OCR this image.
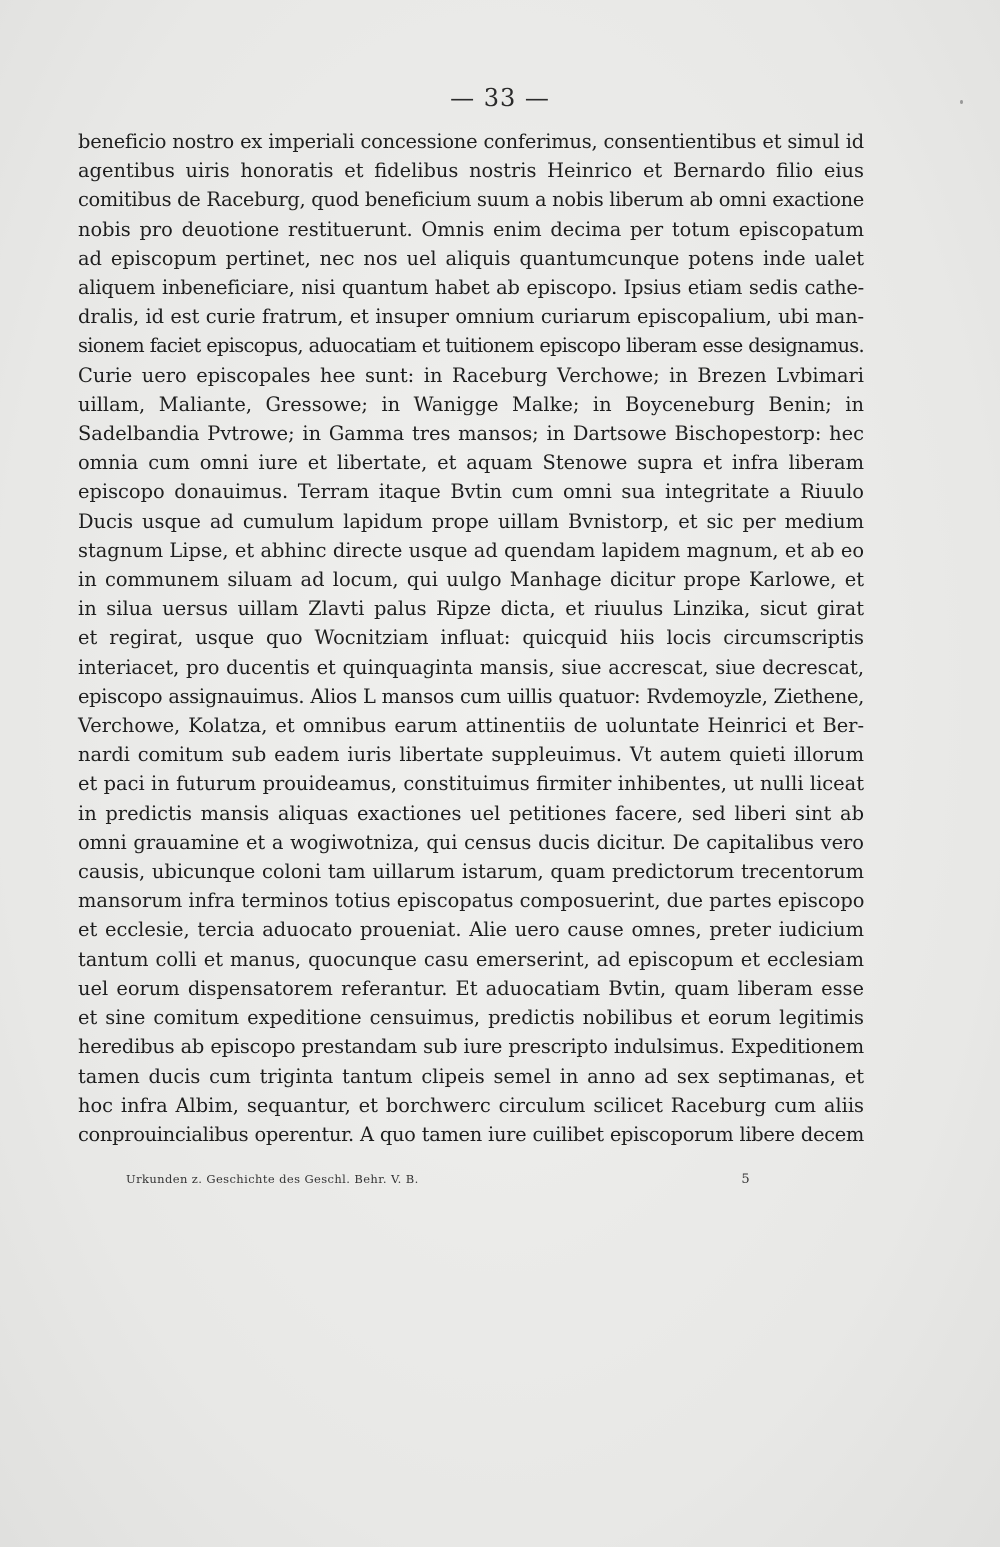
— 33 —
beneficio nostro ex imperiali concessione conferimus, consentientibus et simul id
agentibus uiris honoratis et fidelibus nostris Heinrico et Bernardo filio eius
comitibus de Raceburg, quod beneficium suum a nobis liberum ab omni exactione
nobis pro deuotione restituerunt. Omnis enim decima per totum episcopatum
ad episcopum pertinet, nec nos uel aliquis quantumcunque potens inde ualet
aliquem inbeneficiare, nisi quantum habet ab episcopo. Ipsius etiam sedis cathe-
dralis, id est curie fratrum, et insuper omnium curiarum episcopalium, ubi man-
sionem faciet episcopus, aduocatiam et tuitionem episcopo liberam esse designamus.
Curie uero episcopales hee sunt: in Raceburg Verchowe; in Brezen Lvbimari
uillam, Maliante, Gressowe; in Wanigge Malke; in Boyceneburg Benin; in
Sadelbandia Pvtrowe; in Gamma tres mansos; in Dartsowe Bischopestorp: hec
omnia cum omni iure et libertate, et aquam Stenowe supra et infra liberam
episcopo donauimus. Terram itaque Bvtin cum omni sua integritate a Riuulo
Ducis usque ad cumulum lapidum prope uillam Bvnistorp, et sic per medium
stagnum Lipse, et abhinc directe usque ad quendam lapidem magnum, et ab eo
in communem siluam ad locum, qui uulgo Manhage dicitur prope Karlowe, et
in silua uersus uillam Zlavti palus Ripze dicta, et riuulus Linzika, sicut girat
et regirat, usque quo Wocnitziam influat: quicquid hiis locis circumscriptis
interiacet, pro ducentis et quinquaginta mansis, siue accrescat, siue decrescat,
episcopo assignauimus. Alios L mansos cum uillis quatuor: Rvdemoyzle, Ziethene,
Verchowe, Kolatza, et omnibus earum attinentiis de uoluntate Heinrici et Ber-
nardi comitum sub eadem iuris libertate suppleuimus. Vt autem quieti illorum
et paci in futurum prouideamus, constituimus firmiter inhibentes, ut nulli liceat
in predictis mansis aliquas exactiones uel petitiones facere, sed liberi sint ab
omni grauamine et a wogiwotniza, qui census ducis dicitur. De capitalibus vero
causis, ubicunque coloni tam uillarum istarum, quam predictorum trecentorum
mansorum infra terminos totius episcopatus composuerint, due partes episcopo
et ecclesie, tercia aduocato proueniat. Alie uero cause omnes, preter iudicium
tantum colli et manus, quocunque casu emerserint, ad episcopum et ecclesiam
uel eorum dispensatorem referantur. Et aduocatiam Bvtin, quam liberam esse
et sine comitum expeditione censuimus, predictis nobilibus et eorum legitimis
heredibus ab episcopo prestandam sub iure prescripto indulsimus. Expeditionem
tamen ducis cum triginta tantum clipeis semel in anno ad sex septimanas, et
hoc infra Albim, sequantur, et borchwerc circulum scilicet Raceburg cum aliis
conprouincialibus operentur. A quo tamen iure cuilibet episcoporum libere decem
Urkunden z. Geschichte des Geschl. Behr. V. B.	5
